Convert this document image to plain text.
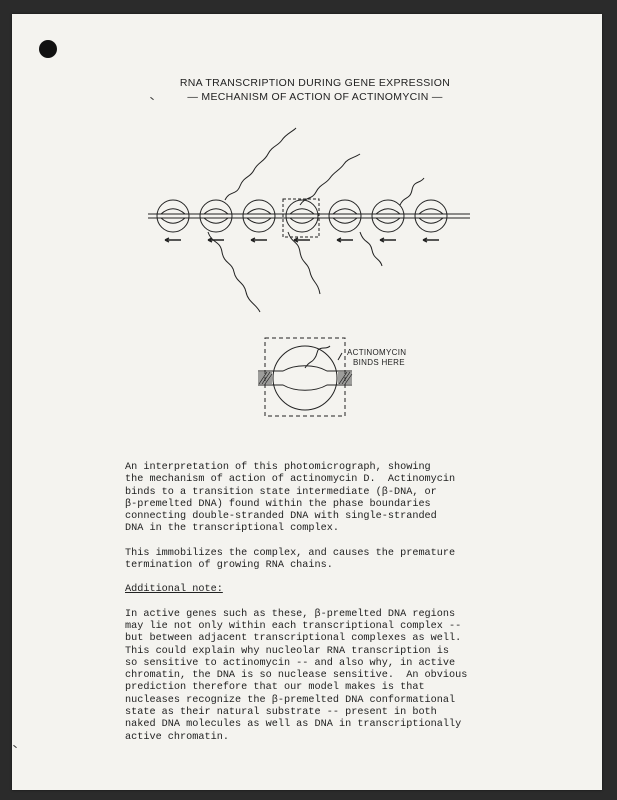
RNA TRANSCRIPTION DURING GENE EXPRESSION
— MECHANISM OF ACTION OF ACTINOMYCIN —
ACTINOMYCIN
BINDS HERE

An interpretation of this photomicrograph, showing
the mechanism of action of actinomycin D.  Actinomycin
binds to a transition state intermediate (β-DNA, or
β-premelted DNA) found within the phase boundaries
connecting double-stranded DNA with single-stranded
DNA in the transcriptional complex.

This immobilizes the complex, and causes the premature
termination of growing RNA chains.

Additional note:

In active genes such as these, β-premelted DNA regions
may lie not only within each transcriptional complex --
but between adjacent transcriptional complexes as well.
This could explain why nucleolar RNA transcription is
so sensitive to actinomycin -- and also why, in active
chromatin, the DNA is so nuclease sensitive.  An obvious
prediction therefore that our model makes is that
nucleases recognize the β-premelted DNA conformational
state as their natural substrate -- present in both
naked DNA molecules as well as DNA in transcriptionally
active chromatin.
